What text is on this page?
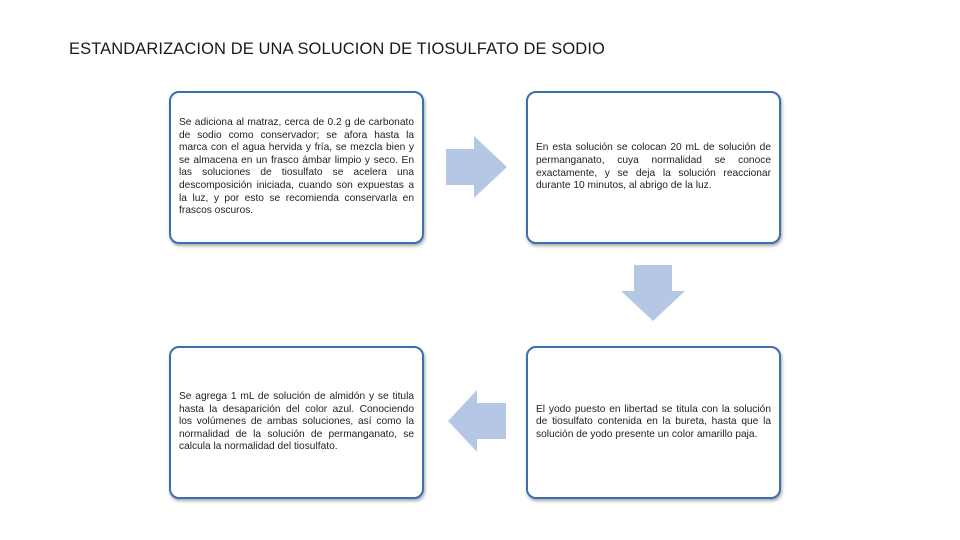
ESTANDARIZACION DE UNA SOLUCION DE TIOSULFATO DE SODIO

Se adiciona al matraz, cerca de 0.2 g de carbonato de sodio como conservador; se afora hasta la marca con el agua hervida y fría, se mezcla bien y se almacena en un frasco ámbar limpio y seco. En las soluciones de tiosulfato se acelera una descomposición iniciada, cuando son expuestas a la luz, y por esto se recomienda conservarla en frascos oscuros.

En esta solución se colocan 20 mL de solución de permanganato, cuya normalidad se conoce exactamente, y se deja la solución reaccionar durante 10 minutos, al abrigo de la luz.

El yodo puesto en libertad se titula con la solución de tiosulfato contenida en la bureta, hasta que la solución de yodo presente un color amarillo paja.

Se agrega 1 mL de solución de almidón y se titula hasta la desaparición del color azul. Conociendo los volúmenes de ambas soluciones, así como la normalidad de la solución de permanganato, se calcula la normalidad del tiosulfato.
